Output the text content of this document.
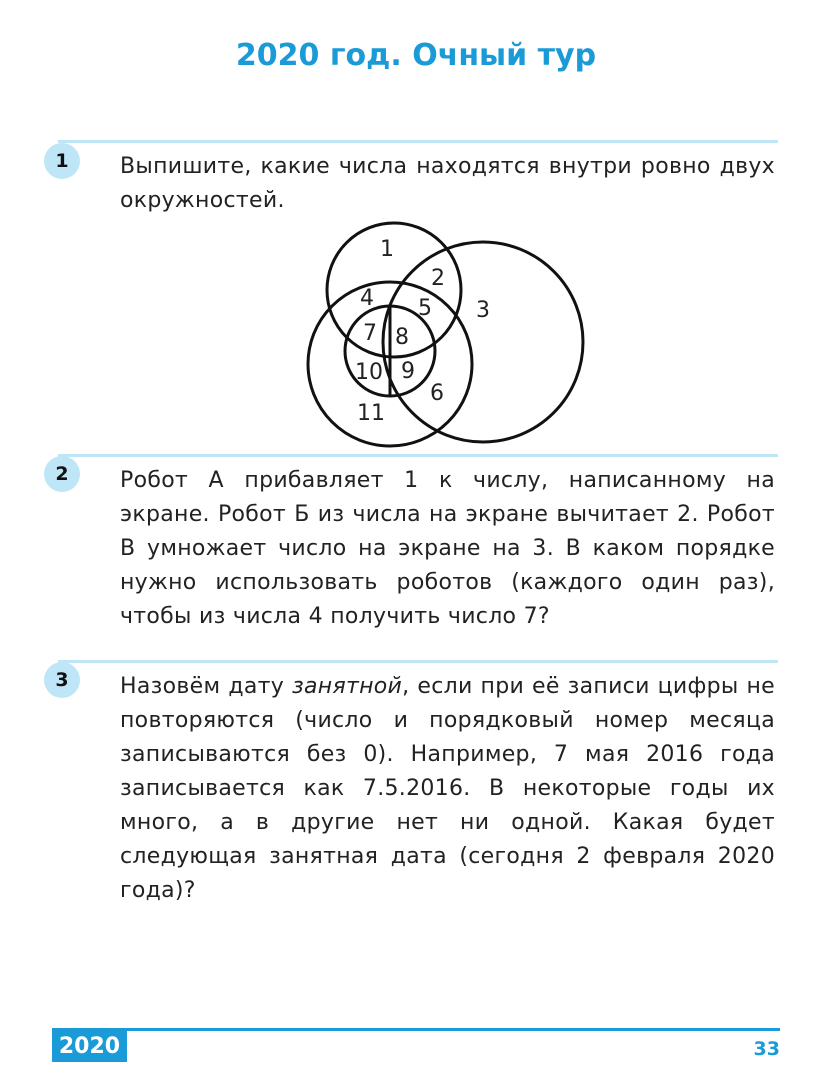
2020 год. Очный тур
1	Выпишите, какие числа находятся внутри ровно двух окружностей.
1
2
3
4 5
6
7 8
9
10
11
2	Робот А прибавляет 1 к числу, написанному на экране. Робот Б из числа на экране вычитает 2. Робот В умножает число на экране на 3. В каком порядке нужно использовать роботов (каждого один раз), чтобы из числа 4 получить число 7?
3	Назовём дату занятной, если при её записи цифры не повторяются (число и порядковый номер месяца записываются без 0). Например, 7 мая 2016 года записывается как 7.5.2016. В некоторые годы их много, а в другие нет ни одной. Какая будет следующая занятная дата (сегодня 2 февраля 2020 года)?
2020	33
